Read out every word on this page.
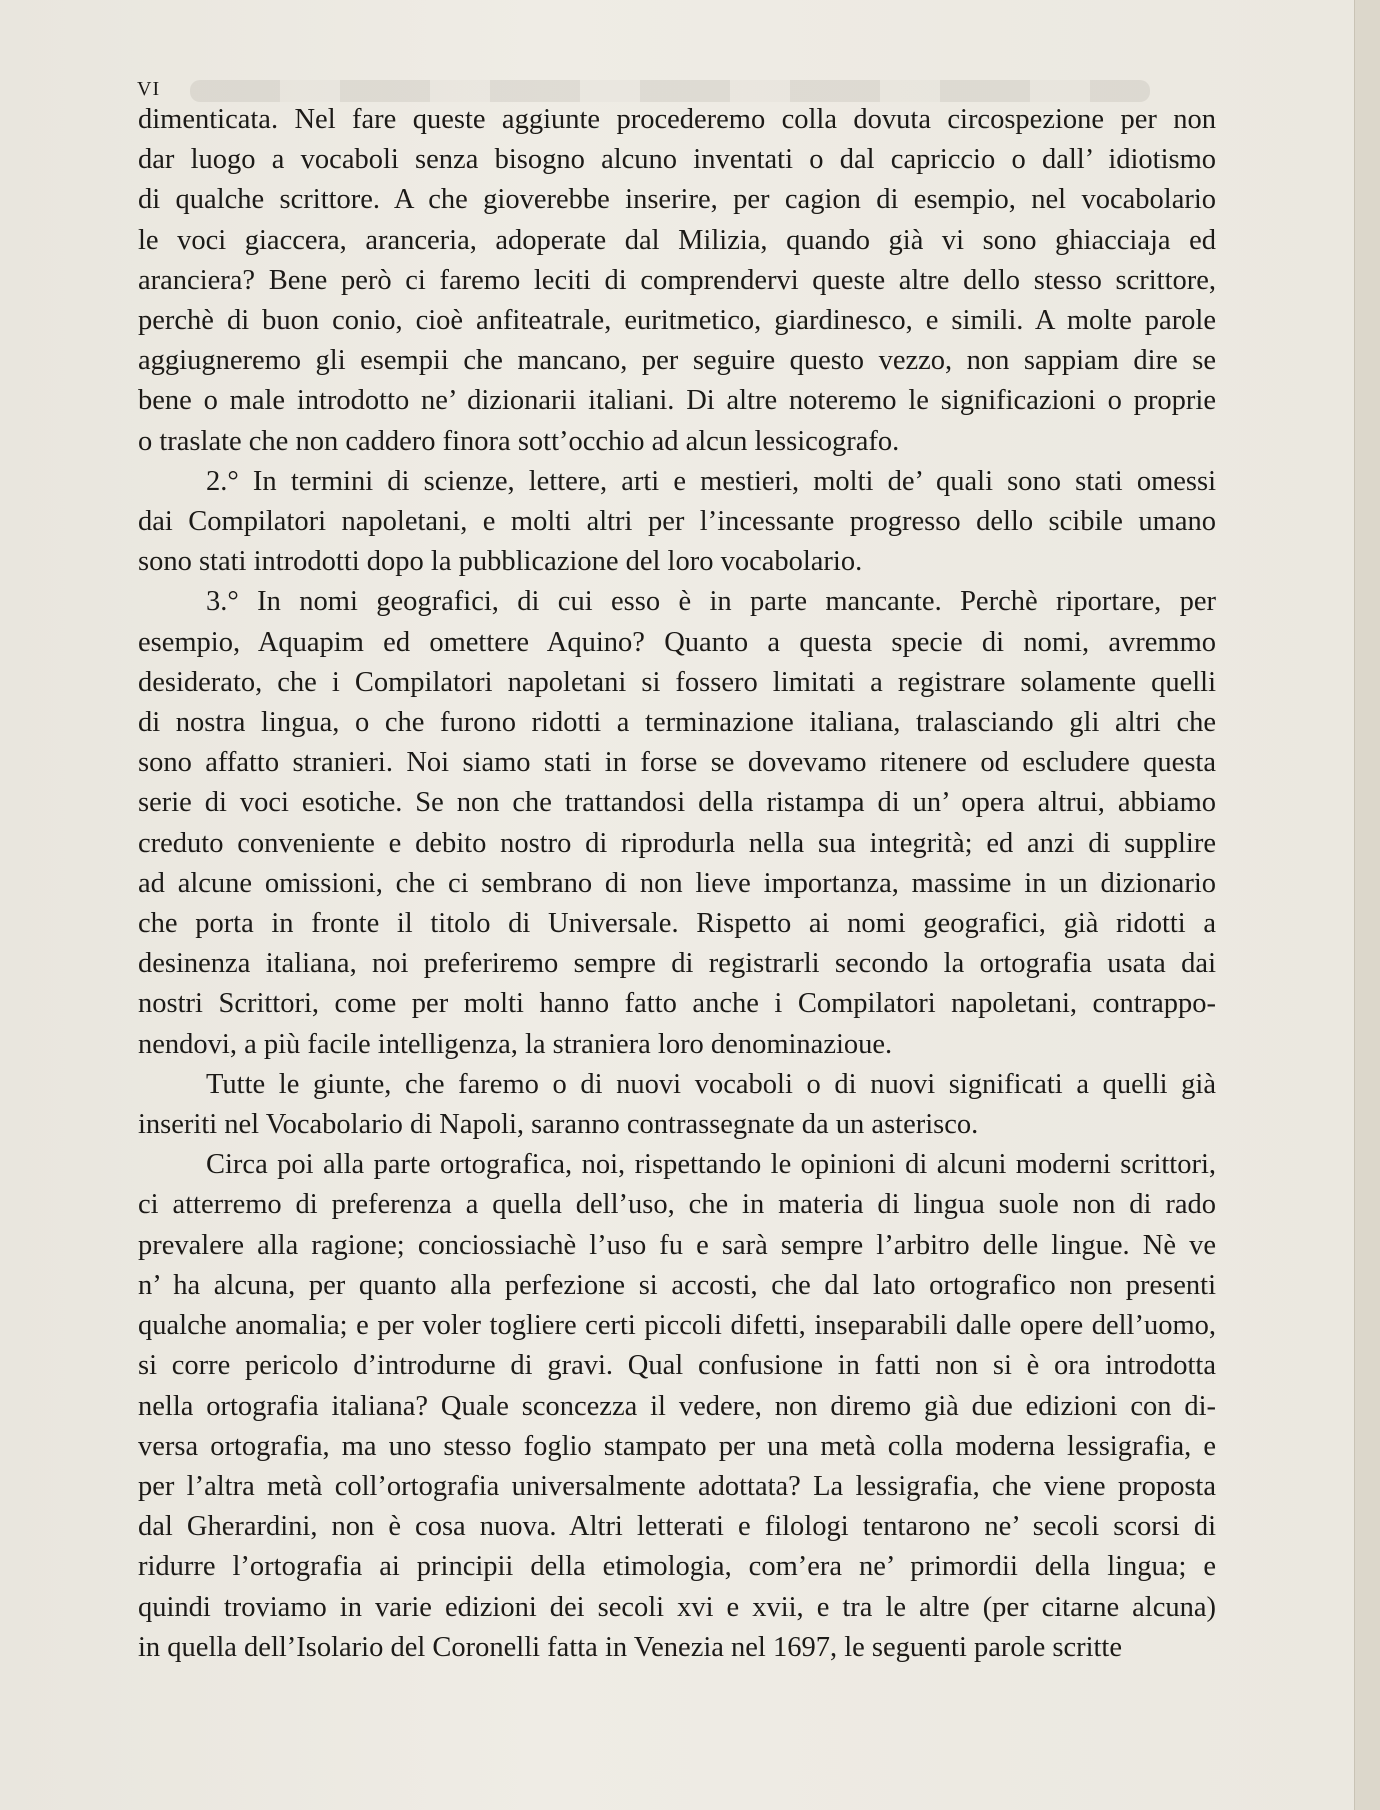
VI
dimenticata. Nel fare queste aggiunte procederemo colla dovuta circospezione per non
dar luogo a vocaboli senza bisogno alcuno inventati o dal capriccio o dall’ idiotismo
di qualche scrittore. A che gioverebbe inserire, per cagion di esempio, nel vocabolario
le voci giaccera, aranceria, adoperate dal Milizia, quando già vi sono ghiacciaja ed
aranciera? Bene però ci faremo leciti di comprendervi queste altre dello stesso scrittore,
perchè di buon conio, cioè anfiteatrale, euritmetico, giardinesco, e simili. A molte parole
aggiugneremo gli esempii che mancano, per seguire questo vezzo, non sappiam dire se
bene o male introdotto ne’ dizionarii italiani. Di altre noteremo le significazioni o proprie
o traslate che non caddero finora sott’occhio ad alcun lessicografo.
2.° In termini di scienze, lettere, arti e mestieri, molti de’ quali sono stati omessi
dai Compilatori napoletani, e molti altri per l’incessante progresso dello scibile umano
sono stati introdotti dopo la pubblicazione del loro vocabolario.
3.° In nomi geografici, di cui esso è in parte mancante. Perchè riportare, per
esempio, Aquapim ed omettere Aquino? Quanto a questa specie di nomi, avremmo
desiderato, che i Compilatori napoletani si fossero limitati a registrare solamente quelli
di nostra lingua, o che furono ridotti a terminazione italiana, tralasciando gli altri che
sono affatto stranieri. Noi siamo stati in forse se dovevamo ritenere od escludere questa
serie di voci esotiche. Se non che trattandosi della ristampa di un’ opera altrui, abbiamo
creduto conveniente e debito nostro di riprodurla nella sua integrità; ed anzi di supplire
ad alcune omissioni, che ci sembrano di non lieve importanza, massime in un dizionario
che porta in fronte il titolo di Universale. Rispetto ai nomi geografici, già ridotti a
desinenza italiana, noi preferiremo sempre di registrarli secondo la ortografia usata dai
nostri Scrittori, come per molti hanno fatto anche i Compilatori napoletani, contrappo-
nendovi, a più facile intelligenza, la straniera loro denominazioue.
Tutte le giunte, che faremo o di nuovi vocaboli o di nuovi significati a quelli già
inseriti nel Vocabolario di Napoli, saranno contrassegnate da un asterisco.
Circa poi alla parte ortografica, noi, rispettando le opinioni di alcuni moderni scrittori,
ci atterremo di preferenza a quella dell’uso, che in materia di lingua suole non di rado
prevalere alla ragione; conciossiachè l’uso fu e sarà sempre l’arbitro delle lingue. Nè ve
n’ ha alcuna, per quanto alla perfezione si accosti, che dal lato ortografico non presenti
qualche anomalia; e per voler togliere certi piccoli difetti, inseparabili dalle opere dell’uomo,
si corre pericolo d’introdurne di gravi. Qual confusione in fatti non si è ora introdotta
nella ortografia italiana? Quale sconcezza il vedere, non diremo già due edizioni con di-
versa ortografia, ma uno stesso foglio stampato per una metà colla moderna lessigrafia, e
per l’altra metà coll’ortografia universalmente adottata? La lessigrafia, che viene proposta
dal Gherardini, non è cosa nuova. Altri letterati e filologi tentarono ne’ secoli scorsi di
ridurre l’ortografia ai principii della etimologia, com’era ne’ primordii della lingua; e
quindi troviamo in varie edizioni dei secoli xvi e xvii, e tra le altre (per citarne alcuna)
in quella dell’Isolario del Coronelli fatta in Venezia nel 1697, le seguenti parole scritte
